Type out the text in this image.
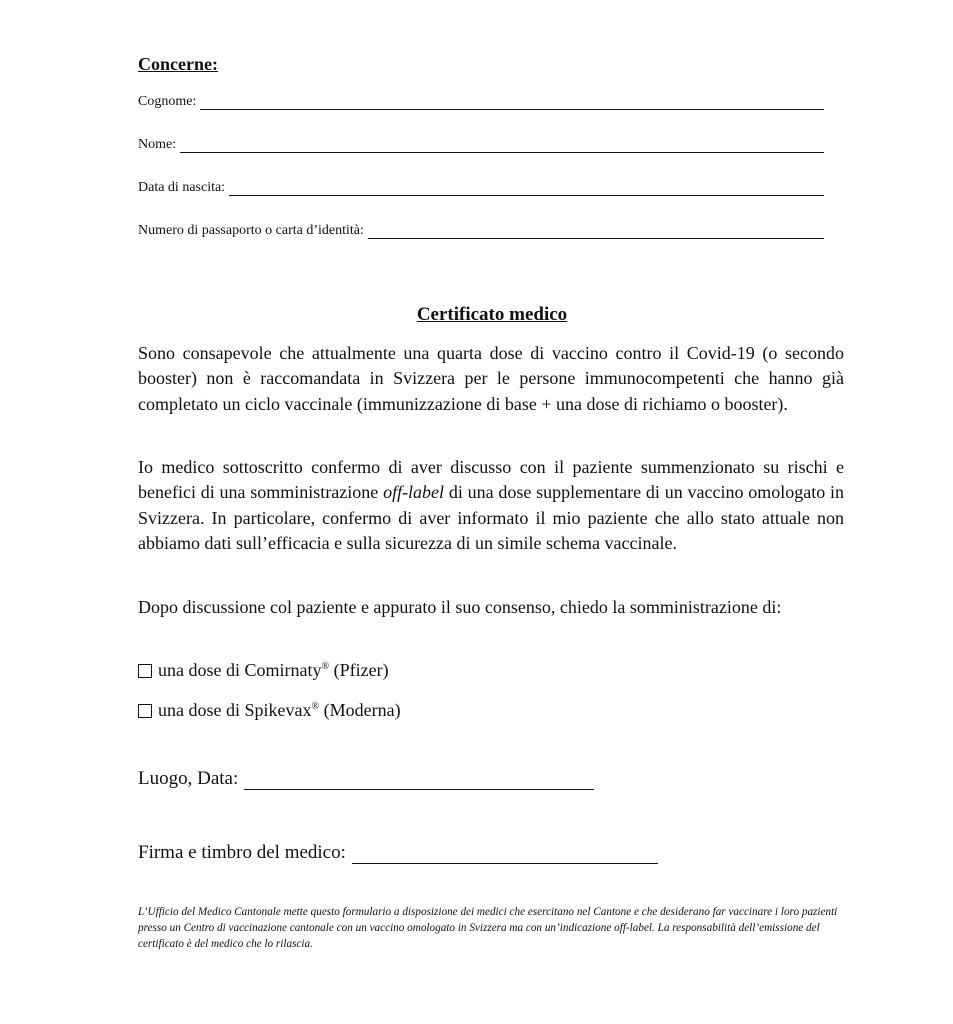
Concerne:
Cognome:
Nome:
Data di nascita:
Numero di passaporto o carta d’identità:
Certificato medico
Sono consapevole che attualmente una quarta dose di vaccino contro il Covid-19 (o secondo booster) non è raccomandata in Svizzera per le persone immunocompetenti che hanno già completato un ciclo vaccinale (immunizzazione di base + una dose di richiamo o booster).
Io medico sottoscritto confermo di aver discusso con il paziente summenzionato su rischi e benefici di una somministrazione off-label di una dose supplementare di un vaccino omologato in Svizzera. In particolare, confermo di aver informato il mio paziente che allo stato attuale non abbiamo dati sull’efficacia e sulla sicurezza di un simile schema vaccinale.
Dopo discussione col paziente e appurato il suo consenso, chiedo la somministrazione di:
una dose di Comirnaty® (Pfizer)
una dose di Spikevax® (Moderna)
Luogo, Data:
Firma e timbro del medico:
L’Ufficio del Medico Cantonale mette questo formulario a disposizione dei medici che esercitano nel Cantone e che desiderano far vaccinare i loro pazienti presso un Centro di vaccinazione cantonale con un vaccino omologato in Svizzera ma con un’indicazione off-label. La responsabilità dell’emissione del certificato è del medico che lo rilascia.
